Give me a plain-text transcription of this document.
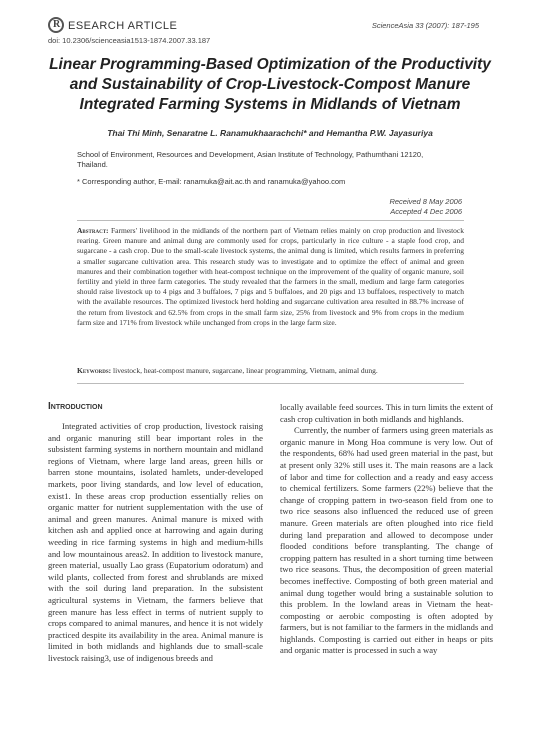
R ESEARCH ARTICLE
doi: 10.2306/scienceasia1513-1874.2007.33.187
ScienceAsia 33 (2007): 187-195
Linear Programming-Based Optimization of the Productivity
and Sustainability of Crop-Livestock-Compost Manure
Integrated Farming Systems in Midlands of Vietnam
Thai Thi Minh, Senaratne L. Ranamukhaarachchi* and Hemantha P.W. Jayasuriya
School of Environment, Resources and Development, Asian Institute of Technology, Pathumthani 12120,
Thailand.
* Corresponding author, E-mail: ranamuka@ait.ac.th and ranamuka@yahoo.com
Received 8 May 2006
Accepted 4 Dec 2006
Abstract: Farmers' livelihood in the midlands of the northern part of Vietnam relies mainly on crop production and livestock rearing. Green manure and animal dung are commonly used for crops, particularly in rice culture - a staple food crop, and sugarcane - a cash crop. Due to the small-scale livestock systems, the animal dung is limited, which results farmers in preferring a smaller sugarcane cultivation area. This research study was to investigate and to optimize the effect of animal and green manures and their combination together with heat-compost technique on the improvement of the quality of organic manure, soil fertility and yield in three farm categories. The study revealed that the farmers in the small, medium and large farm categories should raise livestock up to 4 pigs and 3 buffaloes, 7 pigs and 5 buffaloes, and 20 pigs and 13 buffaloes, respectively to match with the available resources. The optimized livestock herd holding and sugarcane cultivation area resulted in 88.7% increase of the return from livestock and 62.5% from crops in the small farm size, 25% from livestock and 9% from crops in the medium farm size and 171% from livestock while unchanged from crops in the large farm size.
Keywords: livestock, heat-compost manure, sugarcane, linear programming, Vietnam, animal dung.
Introduction

Integrated activities of crop production, livestock raising and organic manuring still bear important roles in the subsistent farming systems in northern mountain and midland regions of Vietnam, where large land areas, green hills or barren stone mountains, isolated hamlets, under-developed markets, poor living standards, and low level of education, exist1. In these areas crop production essentially relies on organic matter for nutrient supplementation with the use of animal and green manures. Animal manure is mixed with kitchen ash and applied once at harrowing and again during weeding in rice farming systems in high and medium-hills and low mountainous areas2. In addition to livestock manure, green material, usually Lao grass (Eupatorium odoratum) and wild plants, collected from forest and shrublands are mixed with the soil during land preparation. In the subsistent agricultural systems in Vietnam, the farmers believe that green manure has less effect in terms of nutrient supply to crops compared to animal manures, and hence it is not widely practiced despite its availability in the area. Animal manure is limited in both midlands and highlands due to small-scale livestock raising3, use of indigenous breeds and

locally available feed sources. This in turn limits the extent of cash crop cultivation in both midlands and highlands.

Currently, the number of farmers using green materials as organic manure in Mong Hoa commune is very low. Out of the respondents, 68% had used green material in the past, but at present only 32% still uses it. The main reasons are a lack of labor and time for collection and a ready and easy access to chemical fertilizers. Some farmers (22%) believe that the change of cropping pattern in two-season field from one to two rice seasons also influenced the reduced use of green manure. Green materials are often ploughed into rice field during land preparation and allowed to decompose under flooded conditions before transplanting. The change of cropping pattern has resulted in a short turning time between two rice seasons. Thus, the decomposition of green material becomes ineffective. Composting of both green material and animal dung together would bring a sustainable solution to this problem. In the lowland areas in Vietnam the heat-composting or aerobic composting is often adopted by farmers, but is not familiar to the farmers in the midlands and highlands. Composting is carried out either in heaps or pits and organic matter is processed in such a way
